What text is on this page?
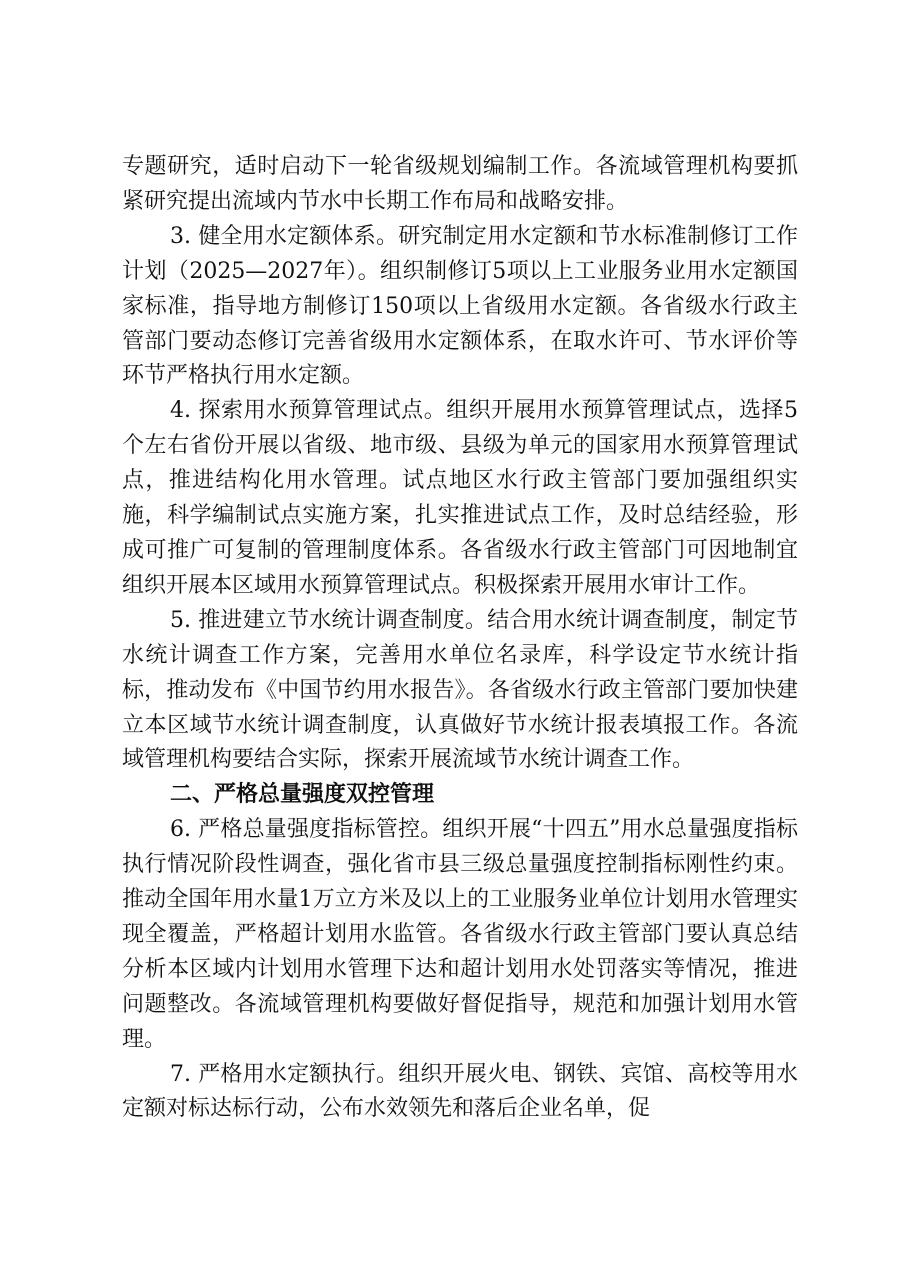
专题研究，适时启动下一轮省级规划编制工作。各流域管理机构要抓紧研究提出流域内节水中长期工作布局和战略安排。

3. 健全用水定额体系。研究制定用水定额和节水标准制修订工作计划（2025—2027年）。组织制修订5项以上工业服务业用水定额国家标准，指导地方制修订150项以上省级用水定额。各省级水行政主管部门要动态修订完善省级用水定额体系，在取水许可、节水评价等环节严格执行用水定额。

4. 探索用水预算管理试点。组织开展用水预算管理试点，选择5个左右省份开展以省级、地市级、县级为单元的国家用水预算管理试点，推进结构化用水管理。试点地区水行政主管部门要加强组织实施，科学编制试点实施方案，扎实推进试点工作，及时总结经验，形成可推广可复制的管理制度体系。各省级水行政主管部门可因地制宜组织开展本区域用水预算管理试点。积极探索开展用水审计工作。

5. 推进建立节水统计调查制度。结合用水统计调查制度，制定节水统计调查工作方案，完善用水单位名录库，科学设定节水统计指标，推动发布《中国节约用水报告》。各省级水行政主管部门要加快建立本区域节水统计调查制度，认真做好节水统计报表填报工作。各流域管理机构要结合实际，探索开展流域节水统计调查工作。

二、严格总量强度双控管理

6. 严格总量强度指标管控。组织开展“十四五”用水总量强度指标执行情况阶段性调查，强化省市县三级总量强度控制指标刚性约束。推动全国年用水量1万立方米及以上的工业服务业单位计划用水管理实现全覆盖，严格超计划用水监管。各省级水行政主管部门要认真总结分析本区域内计划用水管理下达和超计划用水处罚落实等情况，推进问题整改。各流域管理机构要做好督促指导，规范和加强计划用水管理。

7. 严格用水定额执行。组织开展火电、钢铁、宾馆、高校等用水定额对标达标行动，公布水效领先和落后企业名单，促
